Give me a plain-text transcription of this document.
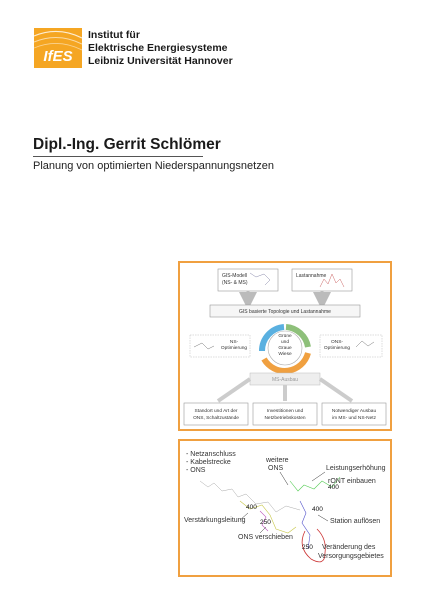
IfES
Institut für
Elektrische Energiesysteme
Leibniz Universität Hannover
Dipl.-Ing. Gerrit Schlömer
Planung von optimierten Niederspannungsnetzen
GIS-Modell
(NS- & MS)
Lastannahme
GIS basierte Topologie und Lastannahme
Grüne
und
Graue
Wiese
NS-
Optimierung
ONS-
Optimierung
MS-Ausbau
Standort und Art der
ONS, Schaltzustände
Investitionen und
Netzbetriebskosten
Notwendiger Ausbau
im MS- und NS-Netz
- Netzanschluss
- Kabelstrecke
- ONS
weitere
ONS	Leistungserhöhung
rONT einbauen
Verstärkungsleitung	Station auflösen
ONS verschieben
Veränderung des
Versorgungsgebietes
400
400	400
250
250
